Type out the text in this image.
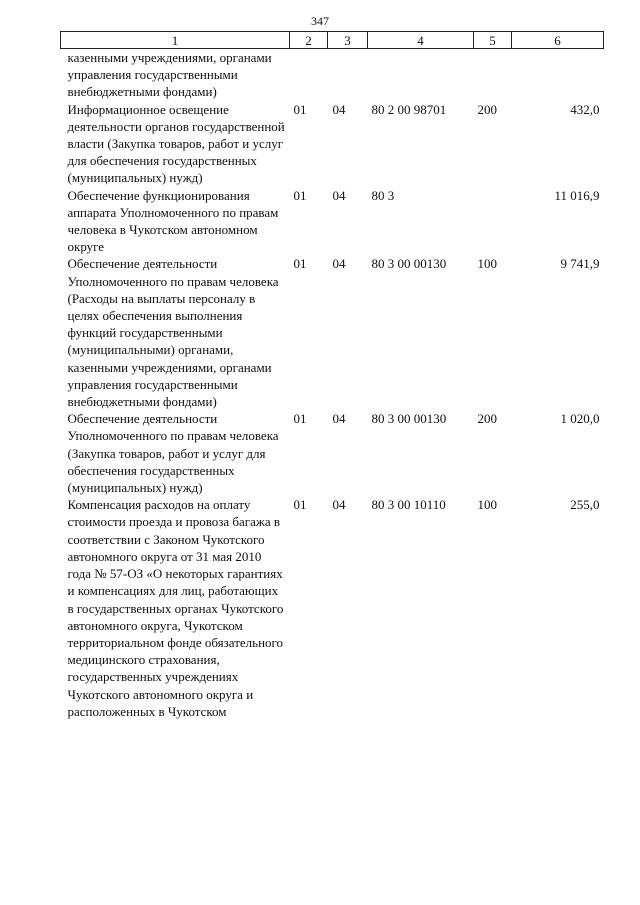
347
1	2	3	4	5	6
казенными учреждениями, органами управления государственными внебюджетными фондами)					
Информационное освещение деятельности органов государственной власти (Закупка товаров, работ и услуг для обеспечения государственных (муниципальных) нужд)	01	04	80 2 00 98701	200	432,0
Обеспечение функционирования аппарата Уполномоченного по правам человека в Чукотском автономном округе	01	04	80 3		11 016,9
Обеспечение деятельности Уполномоченного по правам человека (Расходы на выплаты персоналу в целях обеспечения выполнения функций государственными (муниципальными) органами, казенными учреждениями, органами управления государственными внебюджетными фондами)	01	04	80 3 00 00130	100	9 741,9
Обеспечение деятельности Уполномоченного по правам человека (Закупка товаров, работ и услуг для обеспечения государственных (муниципальных) нужд)	01	04	80 3 00 00130	200	1 020,0
Компенсация расходов на оплату стоимости проезда и провоза багажа в соответствии с Законом Чукотского автономного округа от 31 мая 2010 года № 57-ОЗ «О некоторых гарантиях и компенсациях для лиц, работающих в государственных органах Чукотского автономного округа, Чукотском территориальном фонде обязательного медицинского страхования, государственных учреждениях Чукотского автономного округа и расположенных в Чукотском	01	04	80 3 00 10110	100	255,0
